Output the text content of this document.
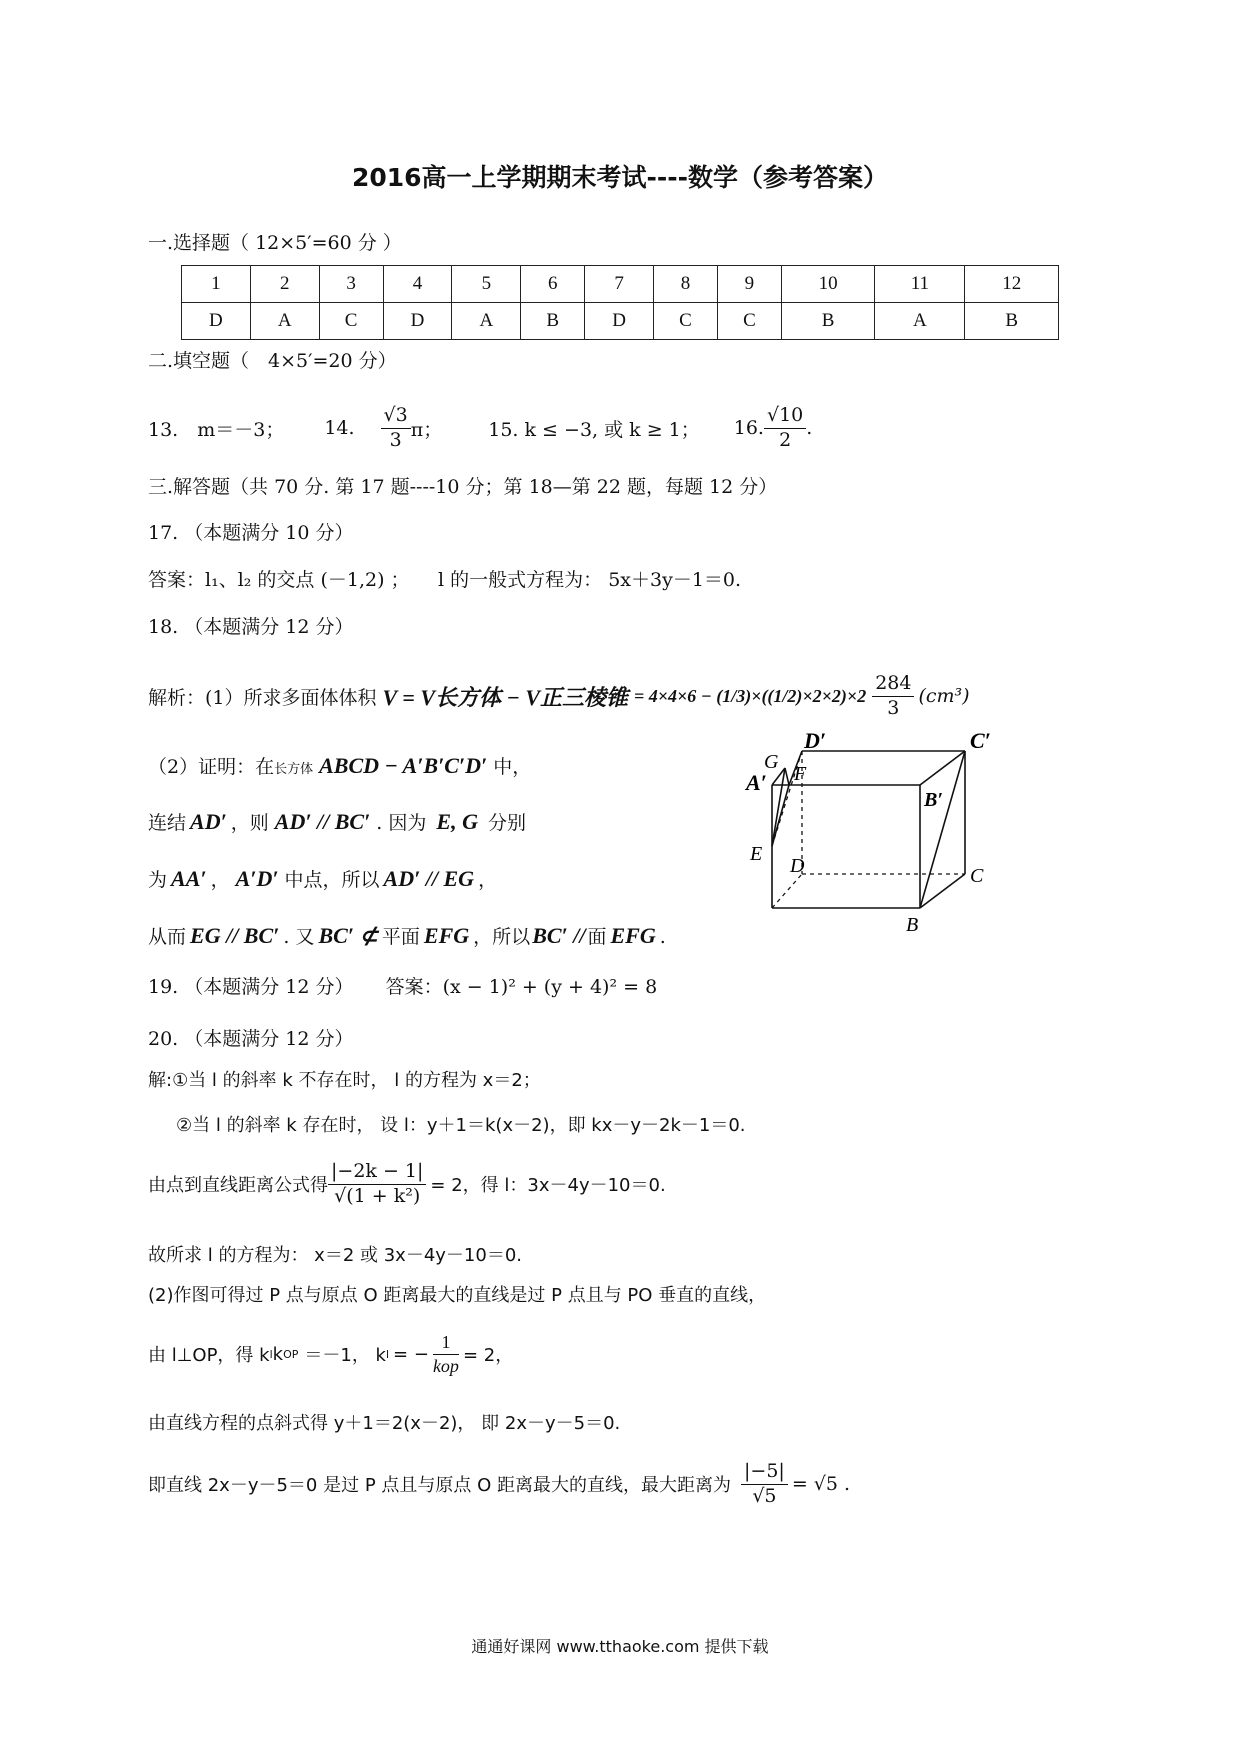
2016高一上学期期末考试----数学（参考答案）
一.选择题（ 12×5′=60 分 ）
1	2	3	4	5	6	7	8	9	10	11	12
D	A	C	D	A	B	D	C	C	B	A	B
二.填空题（　4×5′=20 分）
13.　m＝－3； 14. $\frac{√3}{3}$ π； 15. k ≤ −3, 或 k ≥ 1； 16. $\frac{√10}{2}$ .
三.解答题（共 70 分. 第 17 题----10 分；第 18—第 22 题，每题 12 分）
17. （本题满分 10 分）
答案：l₁、l₂ 的交点 (－1,2) ；　　l 的一般式方程为： 5x＋3y－1＝0.
18. （本题满分 12 分）
解析：(1）所求多面体体积 V = V长方体 − V正三棱锥 = $4\times 4\times 6 - (1/3)\times((1/2)\times 2\times 2)\times 2 \frac{284}{3} (cm^3)$
（2）证明：在长方体 ABCD − A′B′C′D′ 中，
连结 AD′ ，则 AD′ // BC′ . 因为 E, G 分别
为 AA′ ， A′D′ 中点，所以 AD′ // EG ，
从而 EG // BC′ . 又 BC′ ⊄ 平面 EFG ，所以BC′ // 面 EFG .
D′	C′
G
F
A′
B′
E
D	C
B
19. （本题满分 12 分） 答案：(x − 1)² + (y + 4)² = 8
20. （本题满分 12 分）
解:①当 l 的斜率 k 不存在时， l 的方程为 x＝2；
②当 l 的斜率 k 存在时， 设 l：y＋1＝k(x－2)，即 kx－y－2k－1＝0.
由点到直线距离公式得 $\frac{|-2k - 1|}{\text{√(1 + k²)}} = 2$，得 l：3x－4y－10＝0.
故所求 l 的方程为： x＝2 或 3x－4y－10＝0.
(2)作图可得过 P 点与原点 O 距离最大的直线是过 P 点且与 PO 垂直的直线，
由 l⊥OP，得 k l k OP ＝－1， k l = − $\frac{1}{\text{kop}} = 2$，
由直线方程的点斜式得 y＋1＝2(x－2)， 即 2x－y－5＝0.
即直线 2x－y－5＝0 是过 P 点且与原点 O 距离最大的直线，最大距离为 $\frac{|-5|}{√5} = √5$ .
通通好课网 www.tthaoke.com 提供下载
